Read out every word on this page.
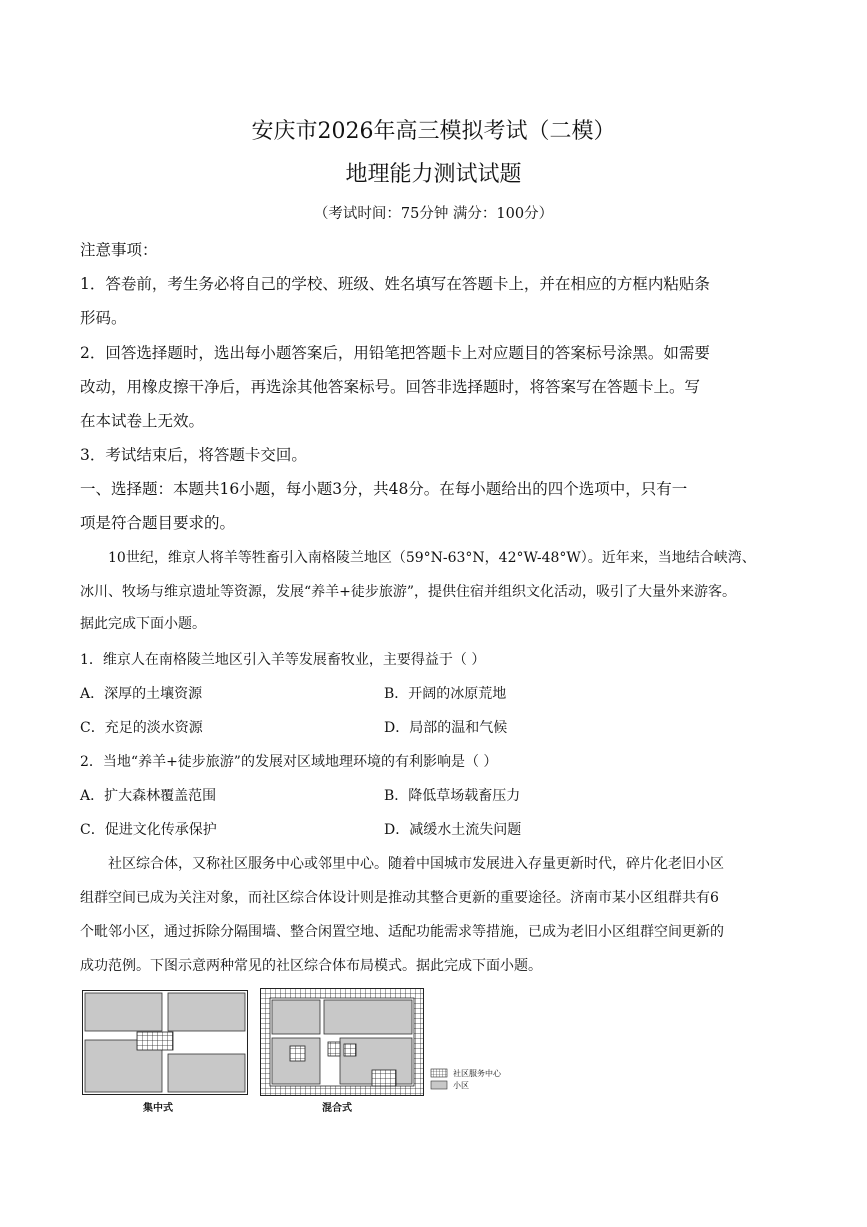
安庆市2026年高三模拟考试（二模）
地理能力测试试题
（考试时间：75分钟 满分：100分）
注意事项：
1．答卷前，考生务必将自己的学校、班级、姓名填写在答题卡上，并在相应的方框内粘贴条
形码。
2．回答选择题时，选出每小题答案后，用铅笔把答题卡上对应题目的答案标号涂黑。如需要
改动，用橡皮擦干净后，再选涂其他答案标号。回答非选择题时，将答案写在答题卡上。写
在本试卷上无效。
3．考试结束后，将答题卡交回。
一、选择题：本题共16小题，每小题3分，共48分。在每小题给出的四个选项中，只有一
项是符合题目要求的。
10世纪，维京人将羊等牲畜引入南格陵兰地区（59°N-63°N，42°W-48°W）。近年来，当地结合峡湾、
冰川、牧场与维京遗址等资源，发展“养羊+徒步旅游”，提供住宿并组织文化活动，吸引了大量外来游客。
据此完成下面小题。
1．维京人在南格陵兰地区引入羊等发展畜牧业，主要得益于（ ）
A．深厚的土壤资源	B．开阔的冰原荒地
C．充足的淡水资源	D．局部的温和气候
2．当地“养羊+徒步旅游”的发展对区域地理环境的有利影响是（ ）
A．扩大森林覆盖范围	B．降低草场载畜压力
C．促进文化传承保护	D．减缓水土流失问题
社区综合体，又称社区服务中心或邻里中心。随着中国城市发展进入存量更新时代，碎片化老旧小区
组群空间已成为关注对象，而社区综合体设计则是推动其整合更新的重要途径。济南市某小区组群共有6
个毗邻小区，通过拆除分隔围墙、整合闲置空地、适配功能需求等措施，已成为老旧小区组群空间更新的
成功范例。下图示意两种常见的社区综合体布局模式。据此完成下面小题。
集中式	混合式
社区服务中心
小区
